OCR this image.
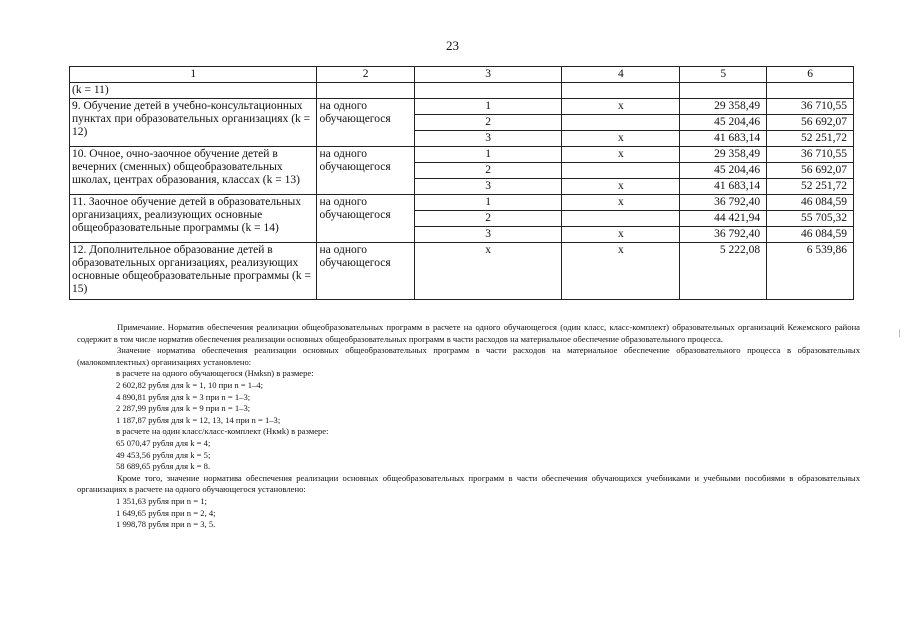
23
1	2	3	4	5	6
(k = 11)					
9. Обучение детей в учебно-консультационных пунктах при образовательных организациях (k = 12)	на одного обучающегося	1	x	29 358,49	36 710,55
		2		45 204,46	56 692,07
		3	x	41 683,14	52 251,72
10. Очное, очно-заочное обучение детей в вечерних (сменных) общеобразовательных школах, центрах образования, классах (k = 13)	на одного обучающегося	1	x	29 358,49	36 710,55
		2		45 204,46	56 692,07
		3	x	41 683,14	52 251,72
11. Заочное обучение детей в образовательных организациях, реализующих основные общеобразовательные программы (k = 14)	на одного обучающегося	1	x	36 792,40	46 084,59
		2		44 421,94	55 705,32
		3	x	36 792,40	46 084,59
12. Дополнительное образование детей в образовательных организациях, реализующих основные общеобразовательные программы (k = 15)	на одного обучающегося	x	x	5 222,08	6 539,86

Примечание. Норматив обеспечения реализации общеобразовательных программ в расчете на одного обучающегося (один класс, класс-комплект) образовательных организаций Кежемского района содержит в том числе норматив обеспечения реализации основных общеобразовательных программ в части расходов на материальное обеспечение образовательного процесса.

Значение норматива обеспечения реализации основных общеобразовательных программ в части расходов на материальное обеспечение образовательного процесса в образовательных (малокомплектных) организациях установлено:

в расчете на одного обучающегося (Нмksn) в размере:

2 602,82 рубля для k = 1, 10 при n = 1–4;

4 890,81 рубля для k = 3 при n = 1–3;

2 287,99 рубля для k = 9 при n = 1–3;

1 187,87 рубля для k = 12, 13, 14 при n = 1–3;

в расчете на один класс/класс-комплект (Нкмk) в размере:

65 070,47 рубля для k = 4;

49 453,56 рубля для k = 5;

58 689,65 рубля для k = 8.

Кроме того, значение норматива обеспечения реализации основных общеобразовательных программ в части обеспечения обучающихся учебниками и учебными пособиями в образовательных организациях в расчете на одного обучающегося установлено:

1 351,63 рубля при n = 1;

1 649,65 рубля при n = 2, 4;

1 998,78 рубля при n = 3, 5.

|
